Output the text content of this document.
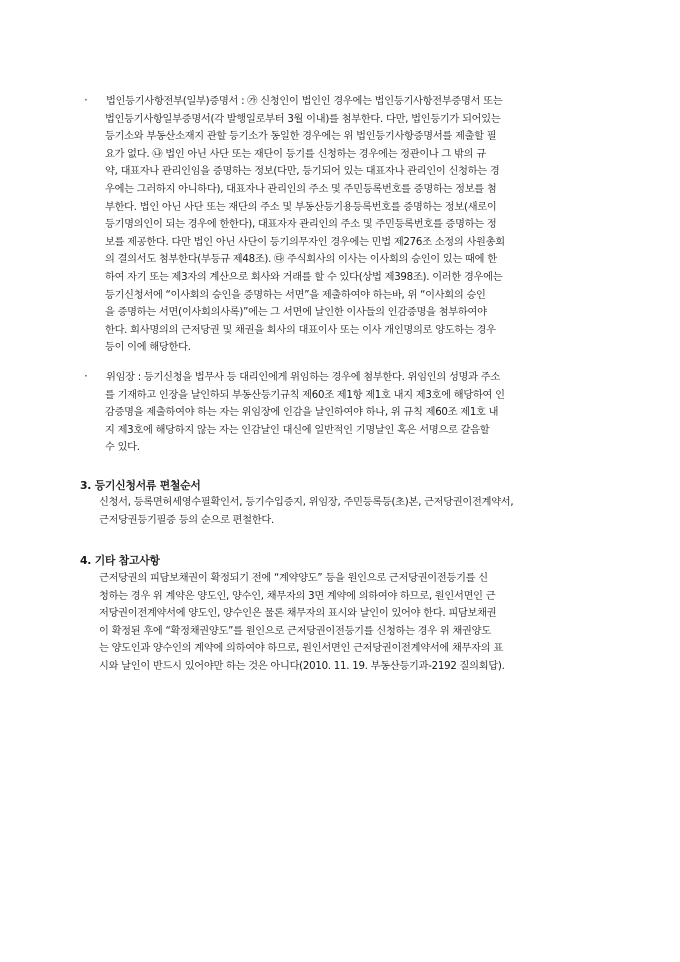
·	법인등기사항전부(일부)증명서 : ㉮ 신청인이 법인인 경우에는 법인등기사항전부증명서 또는
법인등기사항일부증명서(각 발행일로부터 3월 이내)를 첨부한다. 다만, 법인등기가 되어있는
등기소와 부동산소재지 관할 등기소가 동일한 경우에는 위 법인등기사항증명서를 제출할 필
요가 없다. ㉯ 법인 아닌 사단 또는 재단이 등기를 신청하는 경우에는 정관이나 그 밖의 규
약, 대표자나 관리인임을 증명하는 정보(다만, 등기되어 있는 대표자나 관리인이 신청하는 경
우에는 그러하지 아니하다), 대표자나 관리인의 주소 및 주민등록번호를 증명하는 정보를 첨
부한다. 법인 아닌 사단 또는 재단의 주소 및 부동산등기용등록번호를 증명하는 정보(새로이
등기명의인이 되는 경우에 한한다), 대표자자 관리인의 주소 및 주민등록번호를 증명하는 정
보를 제공한다. 다만 법인 아닌 사단이 등기의무자인 경우에는 민법 제276조 소정의 사원총회
의 결의서도 첨부한다(부등규 제48조). ㉰ 주식회사의 이사는 이사회의 승인이 있는 때에 한
하여 자기 또는 제3자의 계산으로 회사와 거래를 할 수 있다(상법 제398조). 이러한 경우에는
등기신청서에 “이사회의 승인을 증명하는 서면”을 제출하여야 하는바, 위 “이사회의 승인
을 증명하는 서면(이사회의사록)”에는 그 서면에 날인한 이사들의 인감증명을 첨부하여야
한다. 회사명의의 근저당권 및 채권을 회사의 대표이사 또는 이사 개인명의로 양도하는 경우
등이 이에 해당한다.
·	위임장 : 등기신청을 법무사 등 대리인에게 위임하는 경우에 첨부한다. 위임인의 성명과 주소
를 기재하고 인장을 날인하되 부동산등기규칙 제60조 제1항 제1호 내지 제3호에 해당하여 인
감증명을 제출하여야 하는 자는 위임장에 인감을 날인하여야 하나, 위 규칙 제60조 제1호 내
지 제3호에 해당하지 않는 자는 인감날인 대신에 일반적인 기명날인 혹은 서명으로 갈음할
수 있다.
3. 등기신청서류 편철순서
신청서, 등록면허세영수필확인서, 등기수입증지, 위임장, 주민등록등(초)본, 근저당권이전계약서,
근저당권등기필증 등의 순으로 편철한다.
4. 기타 참고사항
근저당권의 피담보채권이 확정되기 전에 “계약양도” 등을 원인으로 근저당권이전등기를 신
청하는 경우 위 계약은 양도인, 양수인, 채무자의 3면 계약에 의하여야 하므로, 원인서면인 근
저당권이전계약서에 양도인, 양수인은 물론 채무자의 표시와 날인이 있어야 한다. 피담보채권
이 확정된 후에 “확정채권양도”를 원인으로 근저당권이전등기를 신청하는 경우 위 채권양도
는 양도인과 양수인의 계약에 의하여야 하므로, 원인서면인 근저당권이전계약서에 채무자의 표
시와 날인이 반드시 있어야만 하는 것은 아니다(2010. 11. 19. 부동산등기과-2192 질의회답).
